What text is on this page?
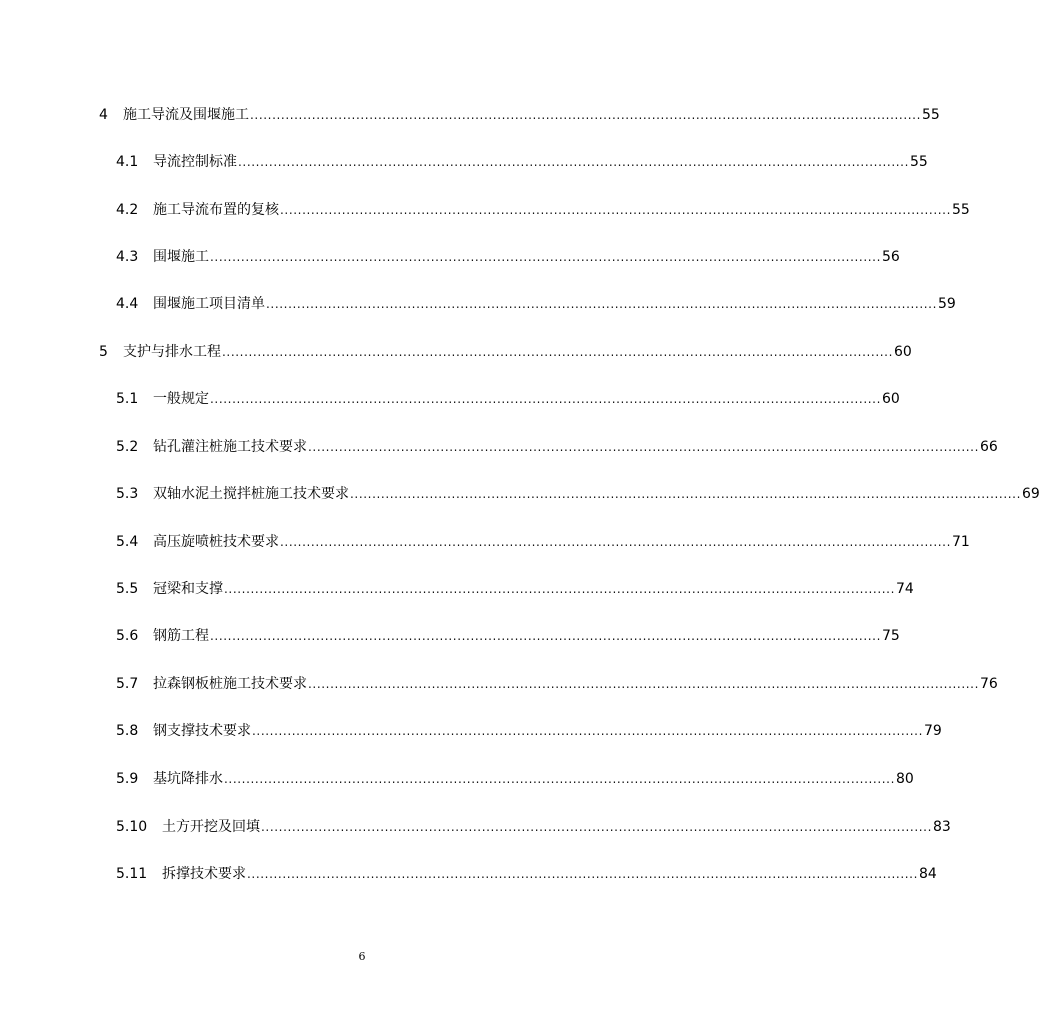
4	施工导流及围堰施工 ........................................................................................................................................................ 55
4.1	导流控制标准 ........................................................................................................................................................ 55
4.2	施工导流布置的复核 ........................................................................................................................................................ 55
4.3	围堰施工 ........................................................................................................................................................ 56
4.4	围堰施工项目清单 ........................................................................................................................................................ 59
5	支护与排水工程 ........................................................................................................................................................ 60
5.1	一般规定 ........................................................................................................................................................ 60
5.2	钻孔灌注桩施工技术要求 ........................................................................................................................................................ 66
5.3	双轴水泥土搅拌桩施工技术要求 ........................................................................................................................................................ 69
5.4	高压旋喷桩技术要求 ........................................................................................................................................................ 71
5.5	冠梁和支撑 ........................................................................................................................................................ 74
5.6	钢筋工程 ........................................................................................................................................................ 75
5.7	拉森钢板桩施工技术要求 ........................................................................................................................................................ 76
5.8	钢支撑技术要求 ........................................................................................................................................................ 79
5.9	基坑降排水 ........................................................................................................................................................ 80
5.10	土方开挖及回填 ........................................................................................................................................................ 83
5.11	拆撑技术要求 ........................................................................................................................................................ 84
6
